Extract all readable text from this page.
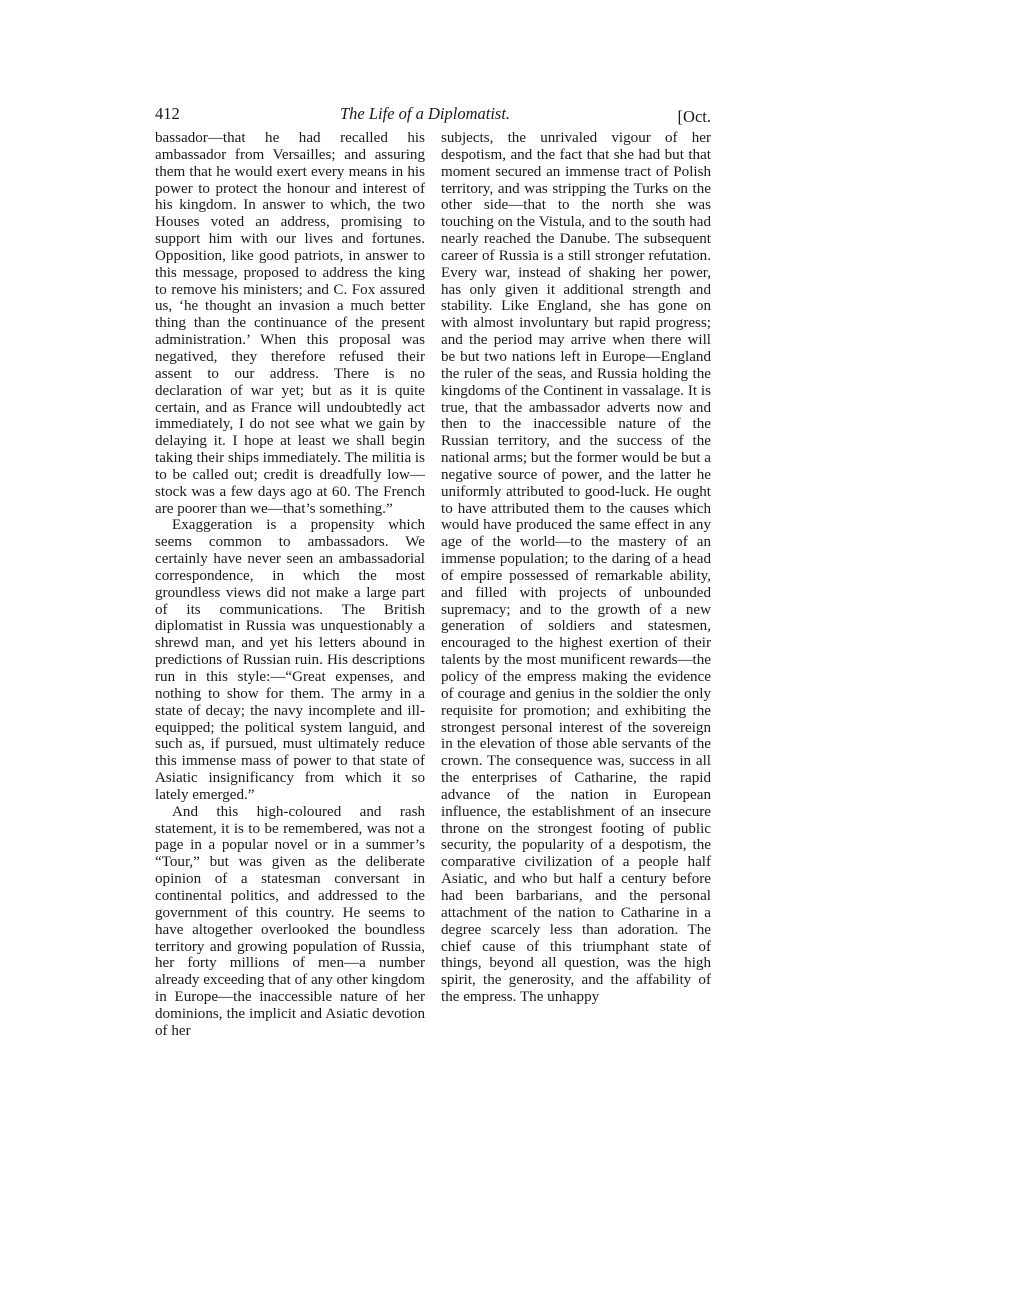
412	The Life of a Diplomatist.	[Oct.

bassador—that he had recalled his ambassador from Versailles; and assuring them that he would exert every means in his power to protect the honour and interest of his kingdom. In answer to which, the two Houses voted an address, promising to support him with our lives and fortunes. Opposition, like good patriots, in answer to this message, proposed to address the king to remove his ministers; and C. Fox assured us, ‘he thought an invasion a much better thing than the continuance of the present administration.’ When this proposal was negatived, they therefore refused their assent to our address. There is no declaration of war yet; but as it is quite certain, and as France will undoubtedly act immediately, I do not see what we gain by delaying it. I hope at least we shall begin taking their ships immediately. The militia is to be called out; credit is dreadfully low—stock was a few days ago at 60. The French are poorer than we—that’s something.”

Exaggeration is a propensity which seems common to ambassadors. We certainly have never seen an ambassadorial correspondence, in which the most groundless views did not make a large part of its communications. The British diplomatist in Russia was unquestionably a shrewd man, and yet his letters abound in predictions of Russian ruin. His descriptions run in this style:—“Great expenses, and nothing to show for them. The army in a state of decay; the navy incomplete and ill-equipped; the political system languid, and such as, if pursued, must ultimately reduce this immense mass of power to that state of Asiatic insignificancy from which it so lately emerged.”

And this high-coloured and rash statement, it is to be remembered, was not a page in a popular novel or in a summer’s “Tour,” but was given as the deliberate opinion of a statesman conversant in continental politics, and addressed to the government of this country. He seems to have altogether overlooked the boundless territory and growing population of Russia, her forty millions of men—a number already exceeding that of any other kingdom in Europe—the inaccessible nature of her dominions, the implicit and Asiatic devotion of her

subjects, the unrivaled vigour of her despotism, and the fact that she had but that moment secured an immense tract of Polish territory, and was stripping the Turks on the other side—that to the north she was touching on the Vistula, and to the south had nearly reached the Danube. The subsequent career of Russia is a still stronger refutation. Every war, instead of shaking her power, has only given it additional strength and stability. Like England, she has gone on with almost involuntary but rapid progress; and the period may arrive when there will be but two nations left in Europe—England the ruler of the seas, and Russia holding the kingdoms of the Continent in vassalage. It is true, that the ambassador adverts now and then to the inaccessible nature of the Russian territory, and the success of the national arms; but the former would be but a negative source of power, and the latter he uniformly attributed to good-luck. He ought to have attributed them to the causes which would have produced the same effect in any age of the world—to the mastery of an immense population; to the daring of a head of empire possessed of remarkable ability, and filled with projects of unbounded supremacy; and to the growth of a new generation of soldiers and statesmen, encouraged to the highest exertion of their talents by the most munificent rewards—the policy of the empress making the evidence of courage and genius in the soldier the only requisite for promotion; and exhibiting the strongest personal interest of the sovereign in the elevation of those able servants of the crown. The consequence was, success in all the enterprises of Catharine, the rapid advance of the nation in European influence, the establishment of an insecure throne on the strongest footing of public security, the popularity of a despotism, the comparative civilization of a people half Asiatic, and who but half a century before had been barbarians, and the personal attachment of the nation to Catharine in a degree scarcely less than adoration. The chief cause of this triumphant state of things, beyond all question, was the high spirit, the generosity, and the affability of the empress. The unhappy
